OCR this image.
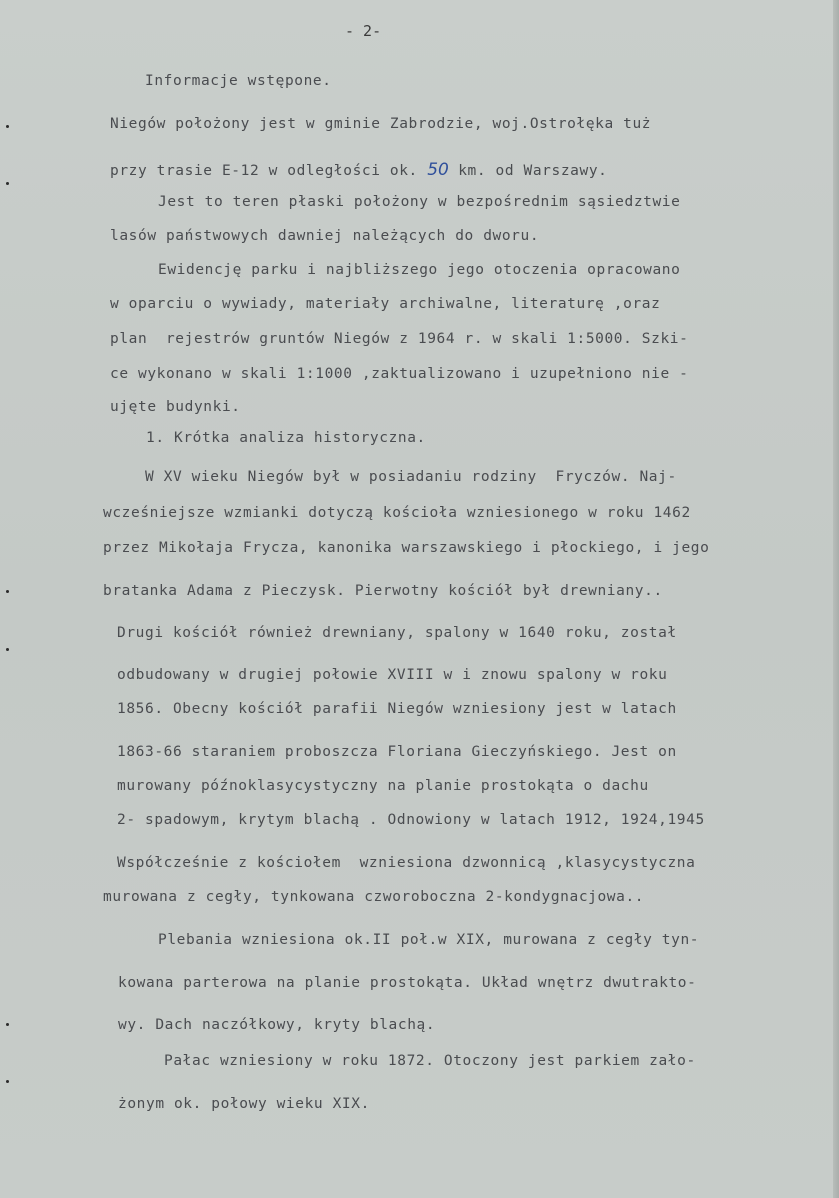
- 2-
Informacje wstępone.
Niegów położony jest w gminie Zabrodzie, woj.Ostrołęka tuż
przy trasie E-12 w odległości ok. 50 km. od Warszawy.
Jest to teren płaski położony w bezpośrednim sąsiedztwie
lasów państwowych dawniej należących do dworu.
Ewidencję parku i najbliższego jego otoczenia opracowano
w oparciu o wywiady, materiały archiwalne, literaturę ,oraz
plan  rejestrów gruntów Niegów z 1964 r. w skali 1:5000. Szki-
ce wykonano w skali 1:1000 ,zaktualizowano i uzupełniono nie -
ujęte budynki.
1. Krótka analiza historyczna.
W XV wieku Niegów był w posiadaniu rodziny  Fryczów. Naj-
wcześniejsze wzmianki dotyczą kościoła wzniesionego w roku 1462
przez Mikołaja Frycza, kanonika warszawskiego i płockiego, i jego
bratanka Adama z Pieczysk. Pierwotny kościół był drewniany..
Drugi kościół również drewniany, spalony w 1640 roku, został
odbudowany w drugiej połowie XVIII w i znowu spalony w roku
1856. Obecny kościół parafii Niegów wzniesiony jest w latach
1863-66 staraniem proboszcza Floriana Gieczyńskiego. Jest on
murowany późnoklasycystyczny na planie prostokąta o dachu
2- spadowym, krytym blachą . Odnowiony w latach 1912, 1924,1945
Współcześnie z kościołem  wzniesiona dzwonnicą ,klasycystyczna
murowana z cegły, tynkowana czworoboczna 2-kondygnacjowa..
Plebania wzniesiona ok.II poł.w XIX, murowana z cegły tyn-
kowana parterowa na planie prostokąta. Układ wnętrz dwutrakto-
wy. Dach naczółkowy, kryty blachą.
Pałac wzniesiony w roku 1872. Otoczony jest parkiem zało-
żonym ok. połowy wieku XIX.
